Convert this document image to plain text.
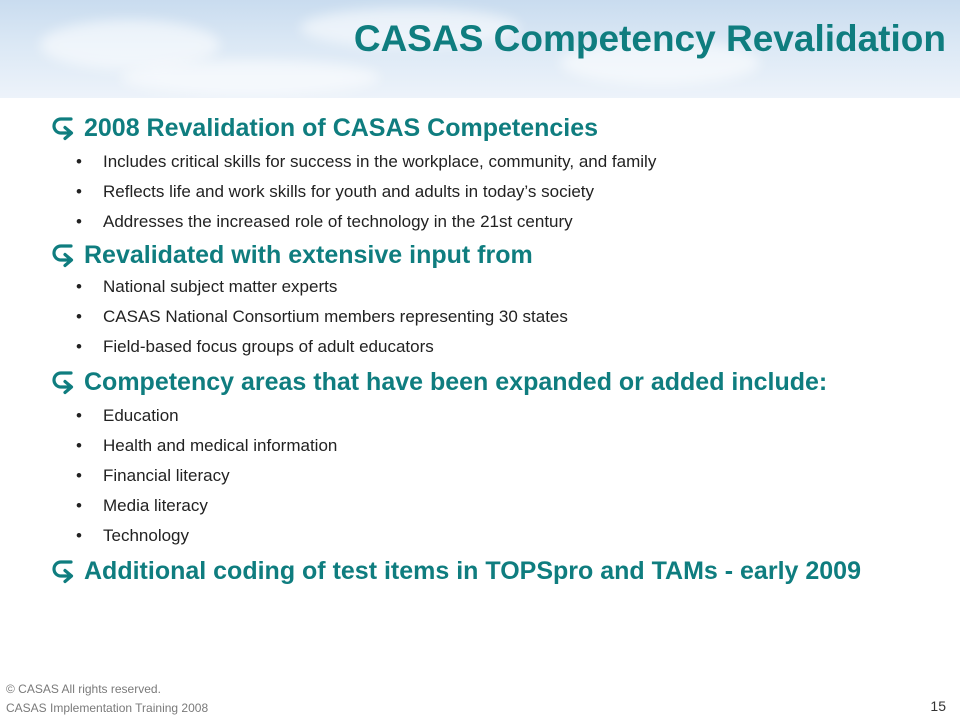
CASAS Competency Revalidation
2008 Revalidation of CASAS Competencies
• Includes critical skills for success in the workplace, community, and family
• Reflects life and work skills for youth and adults in today’s society
• Addresses the increased role of technology in the 21st century
Revalidated with extensive input from
• National subject matter experts
• CASAS National Consortium members representing 30 states
• Field-based focus groups of adult educators
Competency areas that have been expanded or added include:
• Education
• Health and medical information
• Financial literacy
• Media literacy
• Technology
Additional coding of test items in TOPSpro and TAMs - early 2009
© CASAS All rights reserved.
CASAS Implementation Training 2008	15
